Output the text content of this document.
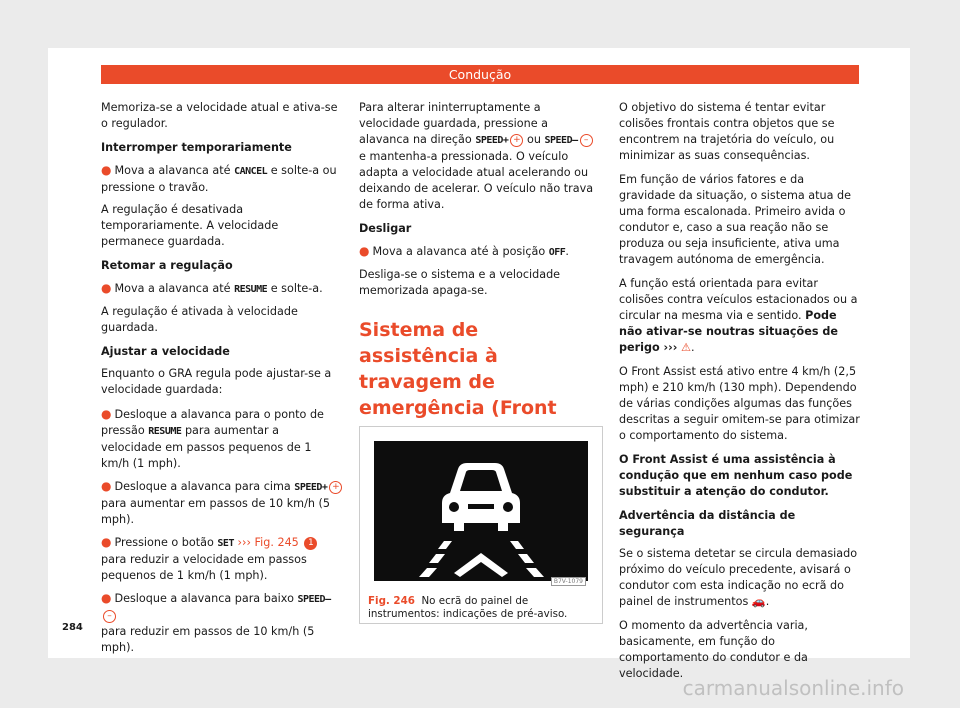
Condução

Memoriza-se a velocidade atual e ativa-se o regulador.

Interromper temporariamente

● Mova a alavanca até CANCEL e solte-a ou pressione o travão.

A regulação é desativada temporariamente. A velocidade permanece guardada.

Retomar a regulação

● Mova a alavanca até RESUME e solte-a.

A regulação é ativada à velocidade guardada.

Ajustar a velocidade

Enquanto o GRA regula pode ajustar-se a velocidade guardada:

● Desloque a alavanca para o ponto de pressão RESUME para aumentar a velocidade em passos pequenos de 1 km/h (1 mph).

● Desloque a alavanca para cima SPEED+ +
para aumentar em passos de 10 km/h (5 mph).

● Pressione o botão SET ››› Fig. 245 1 para reduzir a velocidade em passos pequenos de 1 km/h (1 mph).

● Desloque a alavanca para baixo SPEED––
para reduzir em passos de 10 km/h (5 mph).

Para alterar ininterruptamente a velocidade guardada, pressione a alavanca na direção SPEED+ + ou SPEED– – e mantenha-a pressionada. O veículo adapta a velocidade atual acelerando ou deixando de acelerar. O veículo não trava de forma ativa.

Desligar

● Mova a alavanca até à posição OFF.

Desliga-se o sistema e a velocidade memorizada apaga-se.

Sistema de assistência à travagem de emergência (Front
B7V-1079
Fig. 246 No ecrã do painel de instrumentos: indicações de pré-aviso.

O objetivo do sistema é tentar evitar colisões frontais contra objetos que se encontrem na trajetória do veículo, ou minimizar as suas consequências.

Em função de vários fatores e da gravidade da situação, o sistema atua de uma forma escalonada. Primeiro avida o condutor e, caso a sua reação não se produza ou seja insuficiente, ativa uma travagem autónoma de emergência.

A função está orientada para evitar colisões contra veículos estacionados ou a circular na mesma via e sentido. Pode não ativar-se noutras situações de perigo ››› ⚠.

O Front Assist está ativo entre 4 km/h (2,5 mph) e 210 km/h (130 mph). Dependendo de várias condições algumas das funções descritas a seguir omitem-se para otimizar o comportamento do sistema.

O Front Assist é uma assistência à condução que em nenhum caso pode substituir a atenção do condutor.

Advertência da distância de segurança

Se o sistema detetar se circula demasiado próximo do veículo precedente, avisará o condutor com esta indicação no ecrã do painel de instrumentos 🚗.

O momento da advertência varia, basicamente, em função do comportamento do condutor e da velocidade.

284
carmanualsonline.info
